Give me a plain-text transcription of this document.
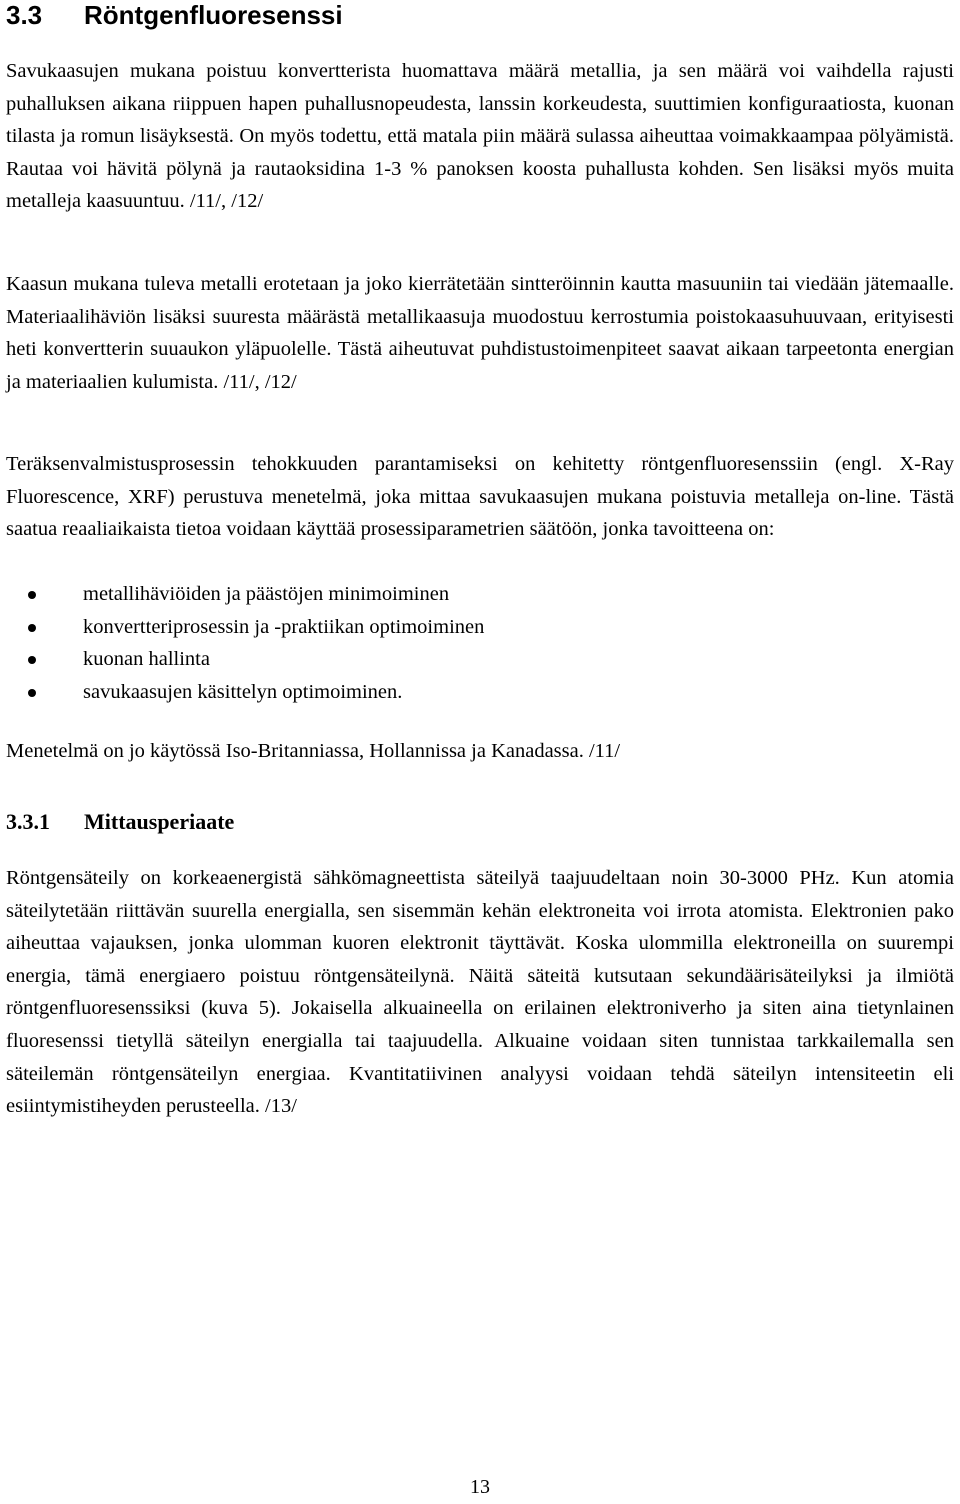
3.3 Röntgenfluoresenssi

Savukaasujen mukana poistuu konvertterista huomattava määrä metallia, ja sen määrä voi vaihdella rajusti puhalluksen aikana riippuen hapen puhallusnopeudesta, lanssin korkeudesta, suuttimien konfiguraatiosta, kuonan tilasta ja romun lisäyksestä. On myös todettu, että matala piin määrä sulassa aiheuttaa voimakkaampaa pölyämistä. Rautaa voi hävitä pölynä ja rautaoksidina 1-3 % panoksen koosta puhallusta kohden. Sen lisäksi myös muita metalleja kaasuuntuu. /11/, /12/

Kaasun mukana tuleva metalli erotetaan ja joko kierrätetään sintteröinnin kautta masuuniin tai viedään jätemaalle. Materiaalihäviön lisäksi suuresta määrästä metallikaasuja muodostuu kerrostumia poistokaasuhuuvaan, erityisesti heti konvertterin suuaukon yläpuolelle. Tästä aiheutuvat puhdistustoimenpiteet saavat aikaan tarpeetonta energian ja materiaalien kulumista. /11/, /12/

Teräksenvalmistusprosessin tehokkuuden parantamiseksi on kehitetty röntgenfluoresenssiin (engl. X-Ray Fluorescence, XRF) perustuva menetelmä, joka mittaa savukaasujen mukana poistuvia metalleja on-line. Tästä saatua reaaliaikaista tietoa voidaan käyttää prosessiparametrien säätöön, jonka tavoitteena on:

metallihäviöiden ja päästöjen minimoiminen
konvertteriprosessin ja -praktiikan optimoiminen
kuonan hallinta
savukaasujen käsittelyn optimoiminen.

Menetelmä on jo käytössä Iso-Britanniassa, Hollannissa ja Kanadassa. /11/

3.3.1 Mittausperiaate

Röntgensäteily on korkeaenergistä sähkömagneettista säteilyä taajuudeltaan noin 30-3000 PHz. Kun atomia säteilytetään riittävän suurella energialla, sen sisemmän kehän elektroneita voi irrota atomista. Elektronien pako aiheuttaa vajauksen, jonka ulomman kuoren elektronit täyttävät. Koska ulommilla elektroneilla on suurempi energia, tämä energiaero poistuu röntgensäteilynä. Näitä säteitä kutsutaan sekundäärisäteilyksi ja ilmiötä röntgenfluoresenssiksi (kuva 5). Jokaisella alkuaineella on erilainen elektroniverho ja siten aina tietynlainen fluoresenssi tietyllä säteilyn energialla tai taajuudella. Alkuaine voidaan siten tunnistaa tarkkailemalla sen säteilemän röntgensäteilyn energiaa. Kvantitatiivinen analyysi voidaan tehdä säteilyn intensiteetin eli esiintymistiheyden perusteella. /13/

13
